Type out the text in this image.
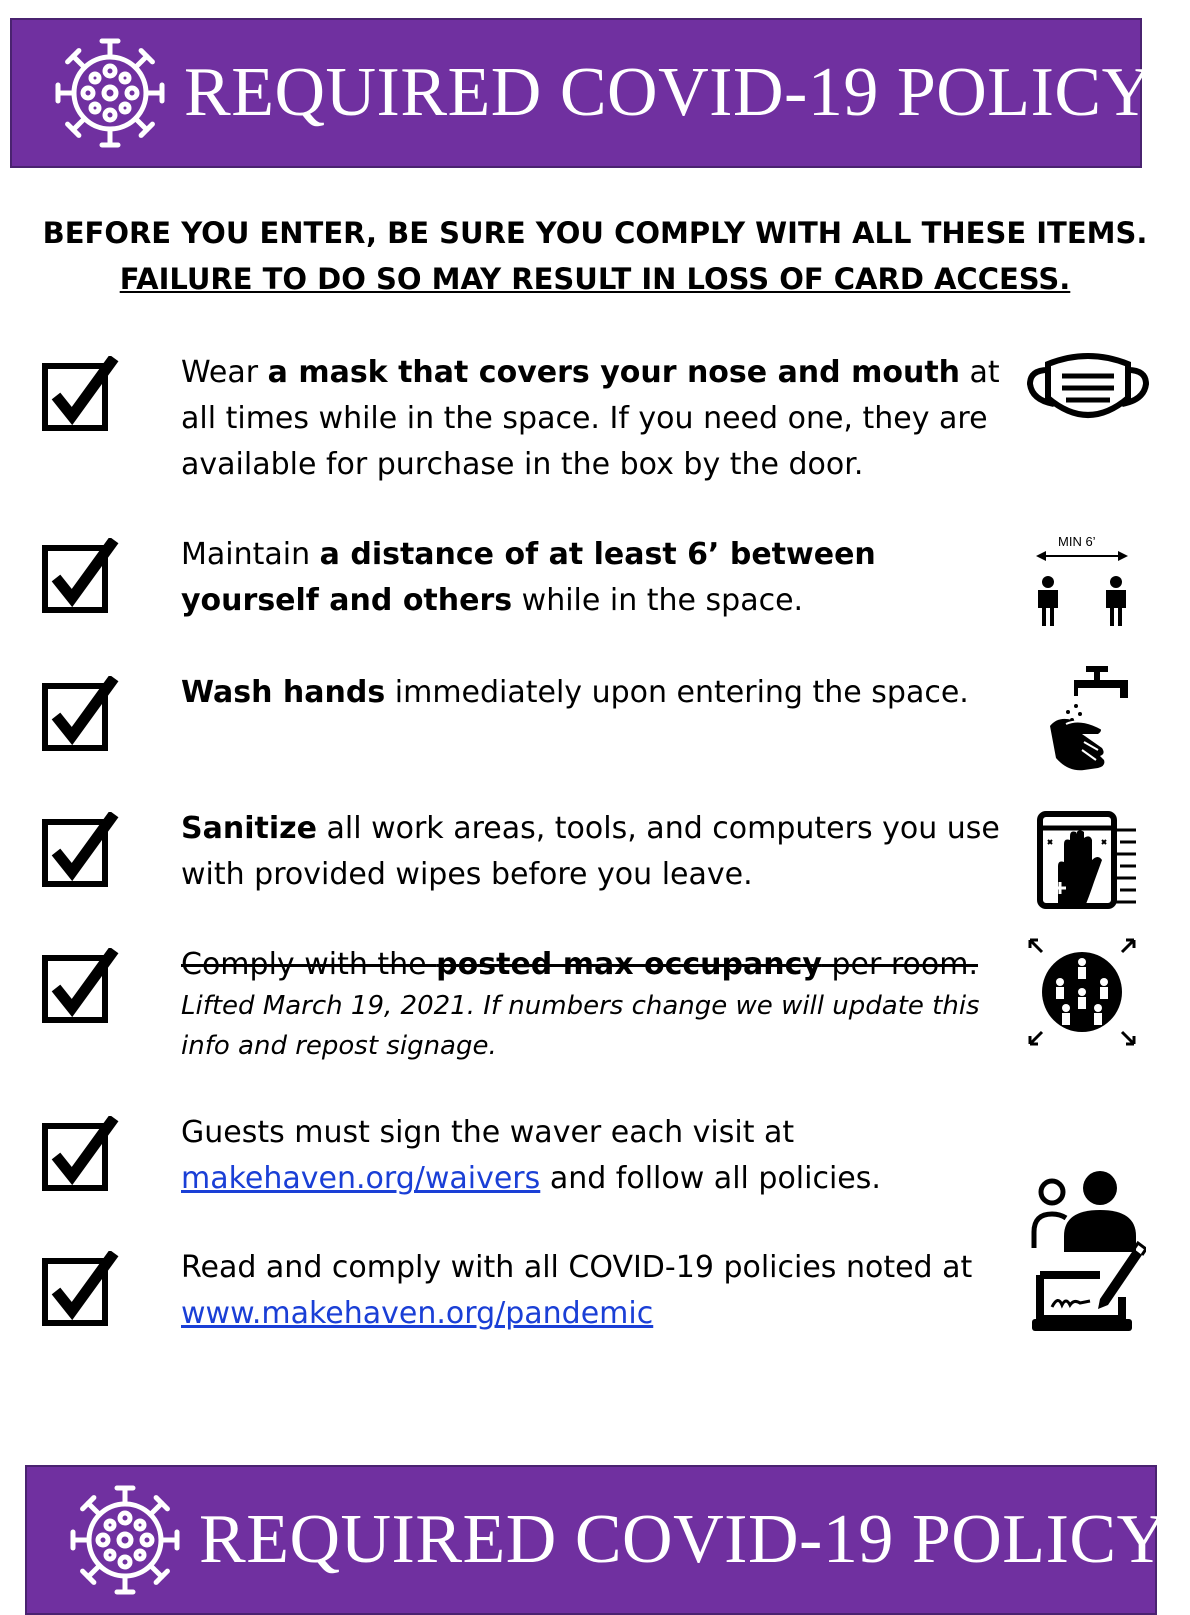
REQUIRED COVID-19 POLICY
BEFORE YOU ENTER, BE SURE YOU COMPLY WITH ALL THESE ITEMS.
FAILURE TO DO SO MAY RESULT IN LOSS OF CARD ACCESS.
Wear a mask that covers your nose and mouth at all times while in the space. If you need one, they are available for purchase in the box by the door.
Maintain a distance of at least 6’ between yourself and others while in the space.
MIN 6’
Wash hands immediately upon entering the space.
Sanitize all work areas, tools, and computers you use with provided wipes before you leave.
Comply with the posted max occupancy per room.
Lifted March 19, 2021. If numbers change we will update this info and repost signage.
Guests must sign the waver each visit at makehaven.org/waivers and follow all policies.
Read and comply with all COVID-19 policies noted at www.makehaven.org/pandemic
REQUIRED COVID-19 POLICY
